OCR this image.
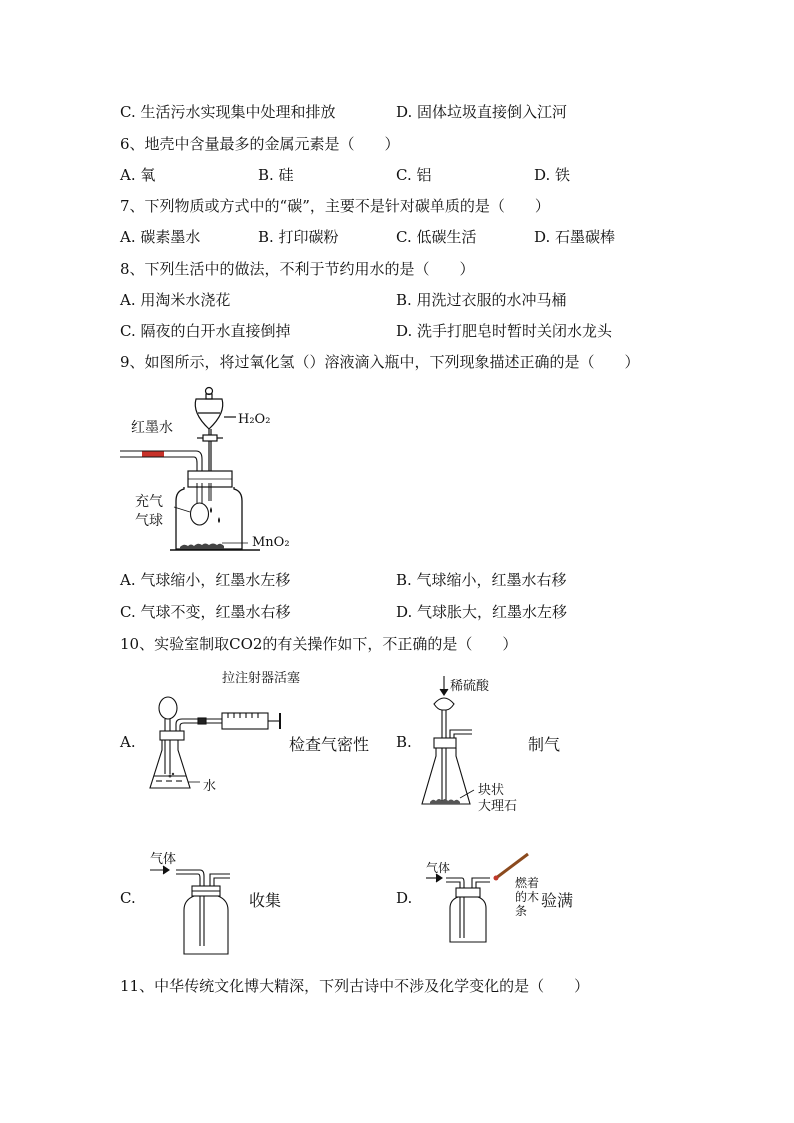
C. 生活污水实现集中处理和排放	D. 固体垃圾直接倒入江河
6、地壳中含量最多的金属元素是（　　）
A. 氧	B. 硅	C. 铝	D. 铁
7、下列物质或方式中的“碳”，主要不是针对碳单质的是（　　）
A. 碳素墨水	B. 打印碳粉	C. 低碳生活	D. 石墨碳棒
8、下列生活中的做法，不利于节约用水的是（　　）
A. 用淘米水浇花	B. 用洗过衣服的水冲马桶
C. 隔夜的白开水直接倒掉	D. 洗手打肥皂时暂时关闭水龙头
9、如图所示，将过氧化氢（）溶液滴入瓶中，下列现象描述正确的是（　　）
红墨水
H₂O₂
充气
气球
MnO₂
A. 气球缩小，红墨水左移	B. 气球缩小，红墨水右移
C. 气球不变，红墨水右移	D. 气球胀大，红墨水左移
10、实验室制取CO2的有关操作如下，不正确的是（　　）
A.
拉注射器活塞
水
检查气密性 B.
稀硫酸
块状
大理石
制气
C.
气体
收集	D.
气体
燃着
的木
条
验满
11、中华传统文化博大精深，下列古诗中不涉及化学变化的是（　　）
